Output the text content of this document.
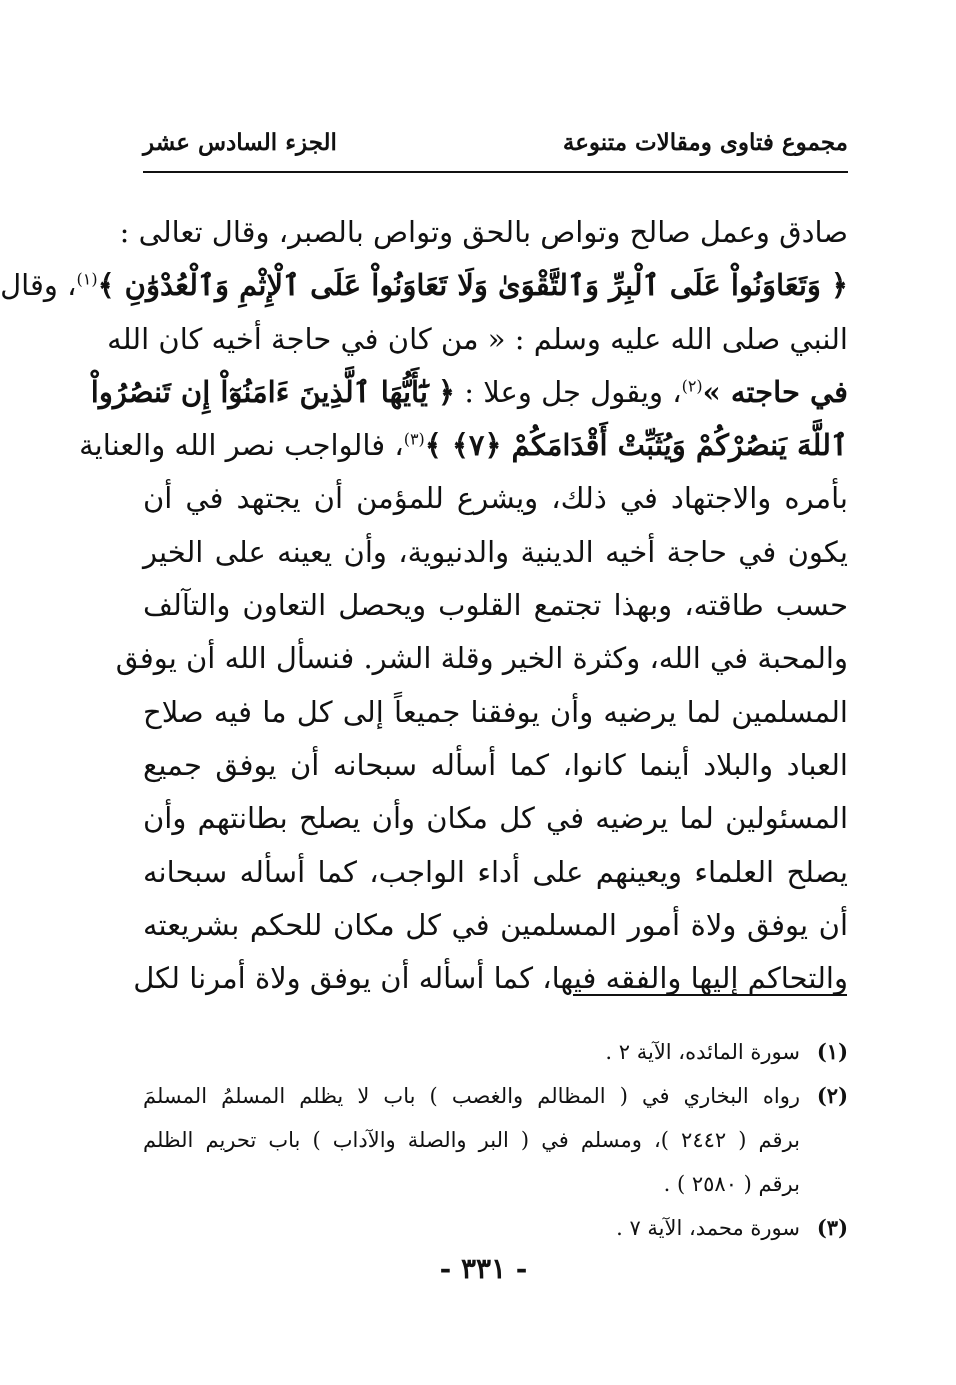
مجموع فتاوى ومقالات متنوعة
الجزء السادس عشر
صادق وعمل صالح وتواص بالحق وتواص بالصبر، وقال تعالى :
﴿ وَتَعَاوَنُواْ عَلَى ٱلْبِرِّ وَٱلتَّقْوَىٰ وَلَا تَعَاوَنُواْ عَلَى ٱلْإِثْمِ وَٱلْعُدْوَٰنِ ﴾$^{(١)}$، وقال
النبي صلى الله عليه وسلم : « من كان في حاجة أخيه كان الله
في حاجته »$^{(٢)}$، ويقول جل وعلا : ﴿ يَٰٓأَيُّهَا ٱلَّذِينَ ءَامَنُوٓاْ إِن تَنصُرُواْ
ٱللَّهَ يَنصُرْكُمْ وَيُثَبِّتْ أَقْدَامَكُمْ ﴿٧﴾ ﴾$^{(٣)}$، فالواجب نصر الله والعناية
بأمره والاجتهاد في ذلك، ويشرع للمؤمن أن يجتهد في أن
يكون في حاجة أخيه الدينية والدنيوية، وأن يعينه على الخير
حسب طاقته، وبهذا تجتمع القلوب ويحصل التعاون والتآلف
والمحبة في الله، وكثرة الخير وقلة الشر. فنسأل الله أن يوفق
المسلمين لما يرضيه وأن يوفقنا جميعاً إلى كل ما فيه صلاح
العباد والبلاد أينما كانوا، كما أسأله سبحانه أن يوفق جميع
المسئولين لما يرضيه في كل مكان وأن يصلح بطانتهم وأن
يصلح العلماء ويعينهم على أداء الواجب، كما أسأله سبحانه
أن يوفق ولاة أمور المسلمين في كل مكان للحكم بشريعته
والتحاكم إليها والفقه فيها، كما أسأله أن يوفق ولاة أمرنا لكل
(١)
سورة المائده، الآية ٢ .
(٢)
رواه البخاري في ( المظالم والغصب ) باب لا يظلم المسلمُ المسلمَ
برقم ( ٢٤٤٢ )، ومسلم في ( البر والصلة والآداب ) باب تحريم الظلم
برقم ( ٢٥٨٠ ) .
(٣)
سورة محمد، الآية ٧ .
- ٣٣١ -
